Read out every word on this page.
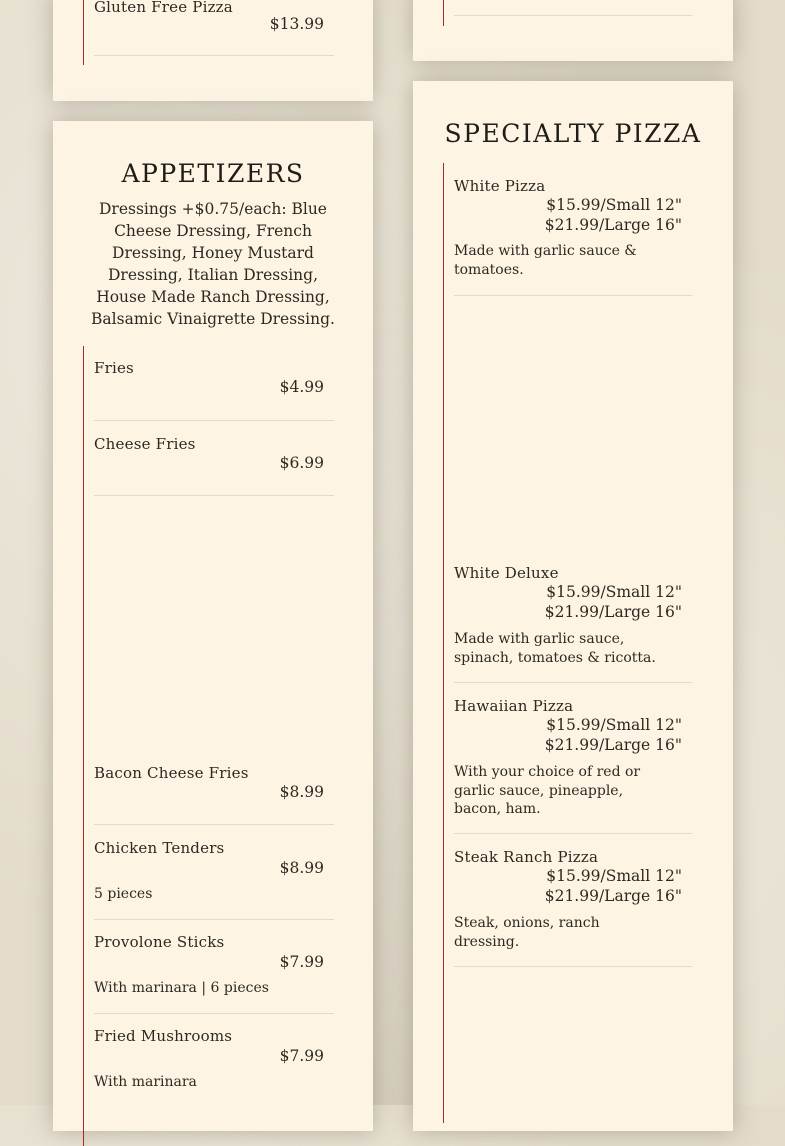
Gluten Free Pizza
$13.99
APPETIZERS
Dressings +$0.75/each: Blue Cheese Dressing, French Dressing, Honey Mustard Dressing, Italian Dressing, House Made Ranch Dressing, Balsamic Vinaigrette Dressing.
Fries
$4.99
Cheese Fries
$6.99
Bacon Cheese Fries
$8.99
Chicken Tenders
$8.99
5 pieces
Provolone Sticks
$7.99
With marinara | 6 pieces
Fried Mushrooms
$7.99
With marinara
SPECIALTY PIZZA
White Pizza
$15.99/Small 12"
$21.99/Large 16"
Made with garlic sauce & tomatoes.
White Deluxe
$15.99/Small 12"
$21.99/Large 16"
Made with garlic sauce, spinach, tomatoes & ricotta.
Hawaiian Pizza
$15.99/Small 12"
$21.99/Large 16"
With your choice of red or garlic sauce, pineapple, bacon, ham.
Steak Ranch Pizza
$15.99/Small 12"
$21.99/Large 16"
Steak, onions, ranch dressing.
